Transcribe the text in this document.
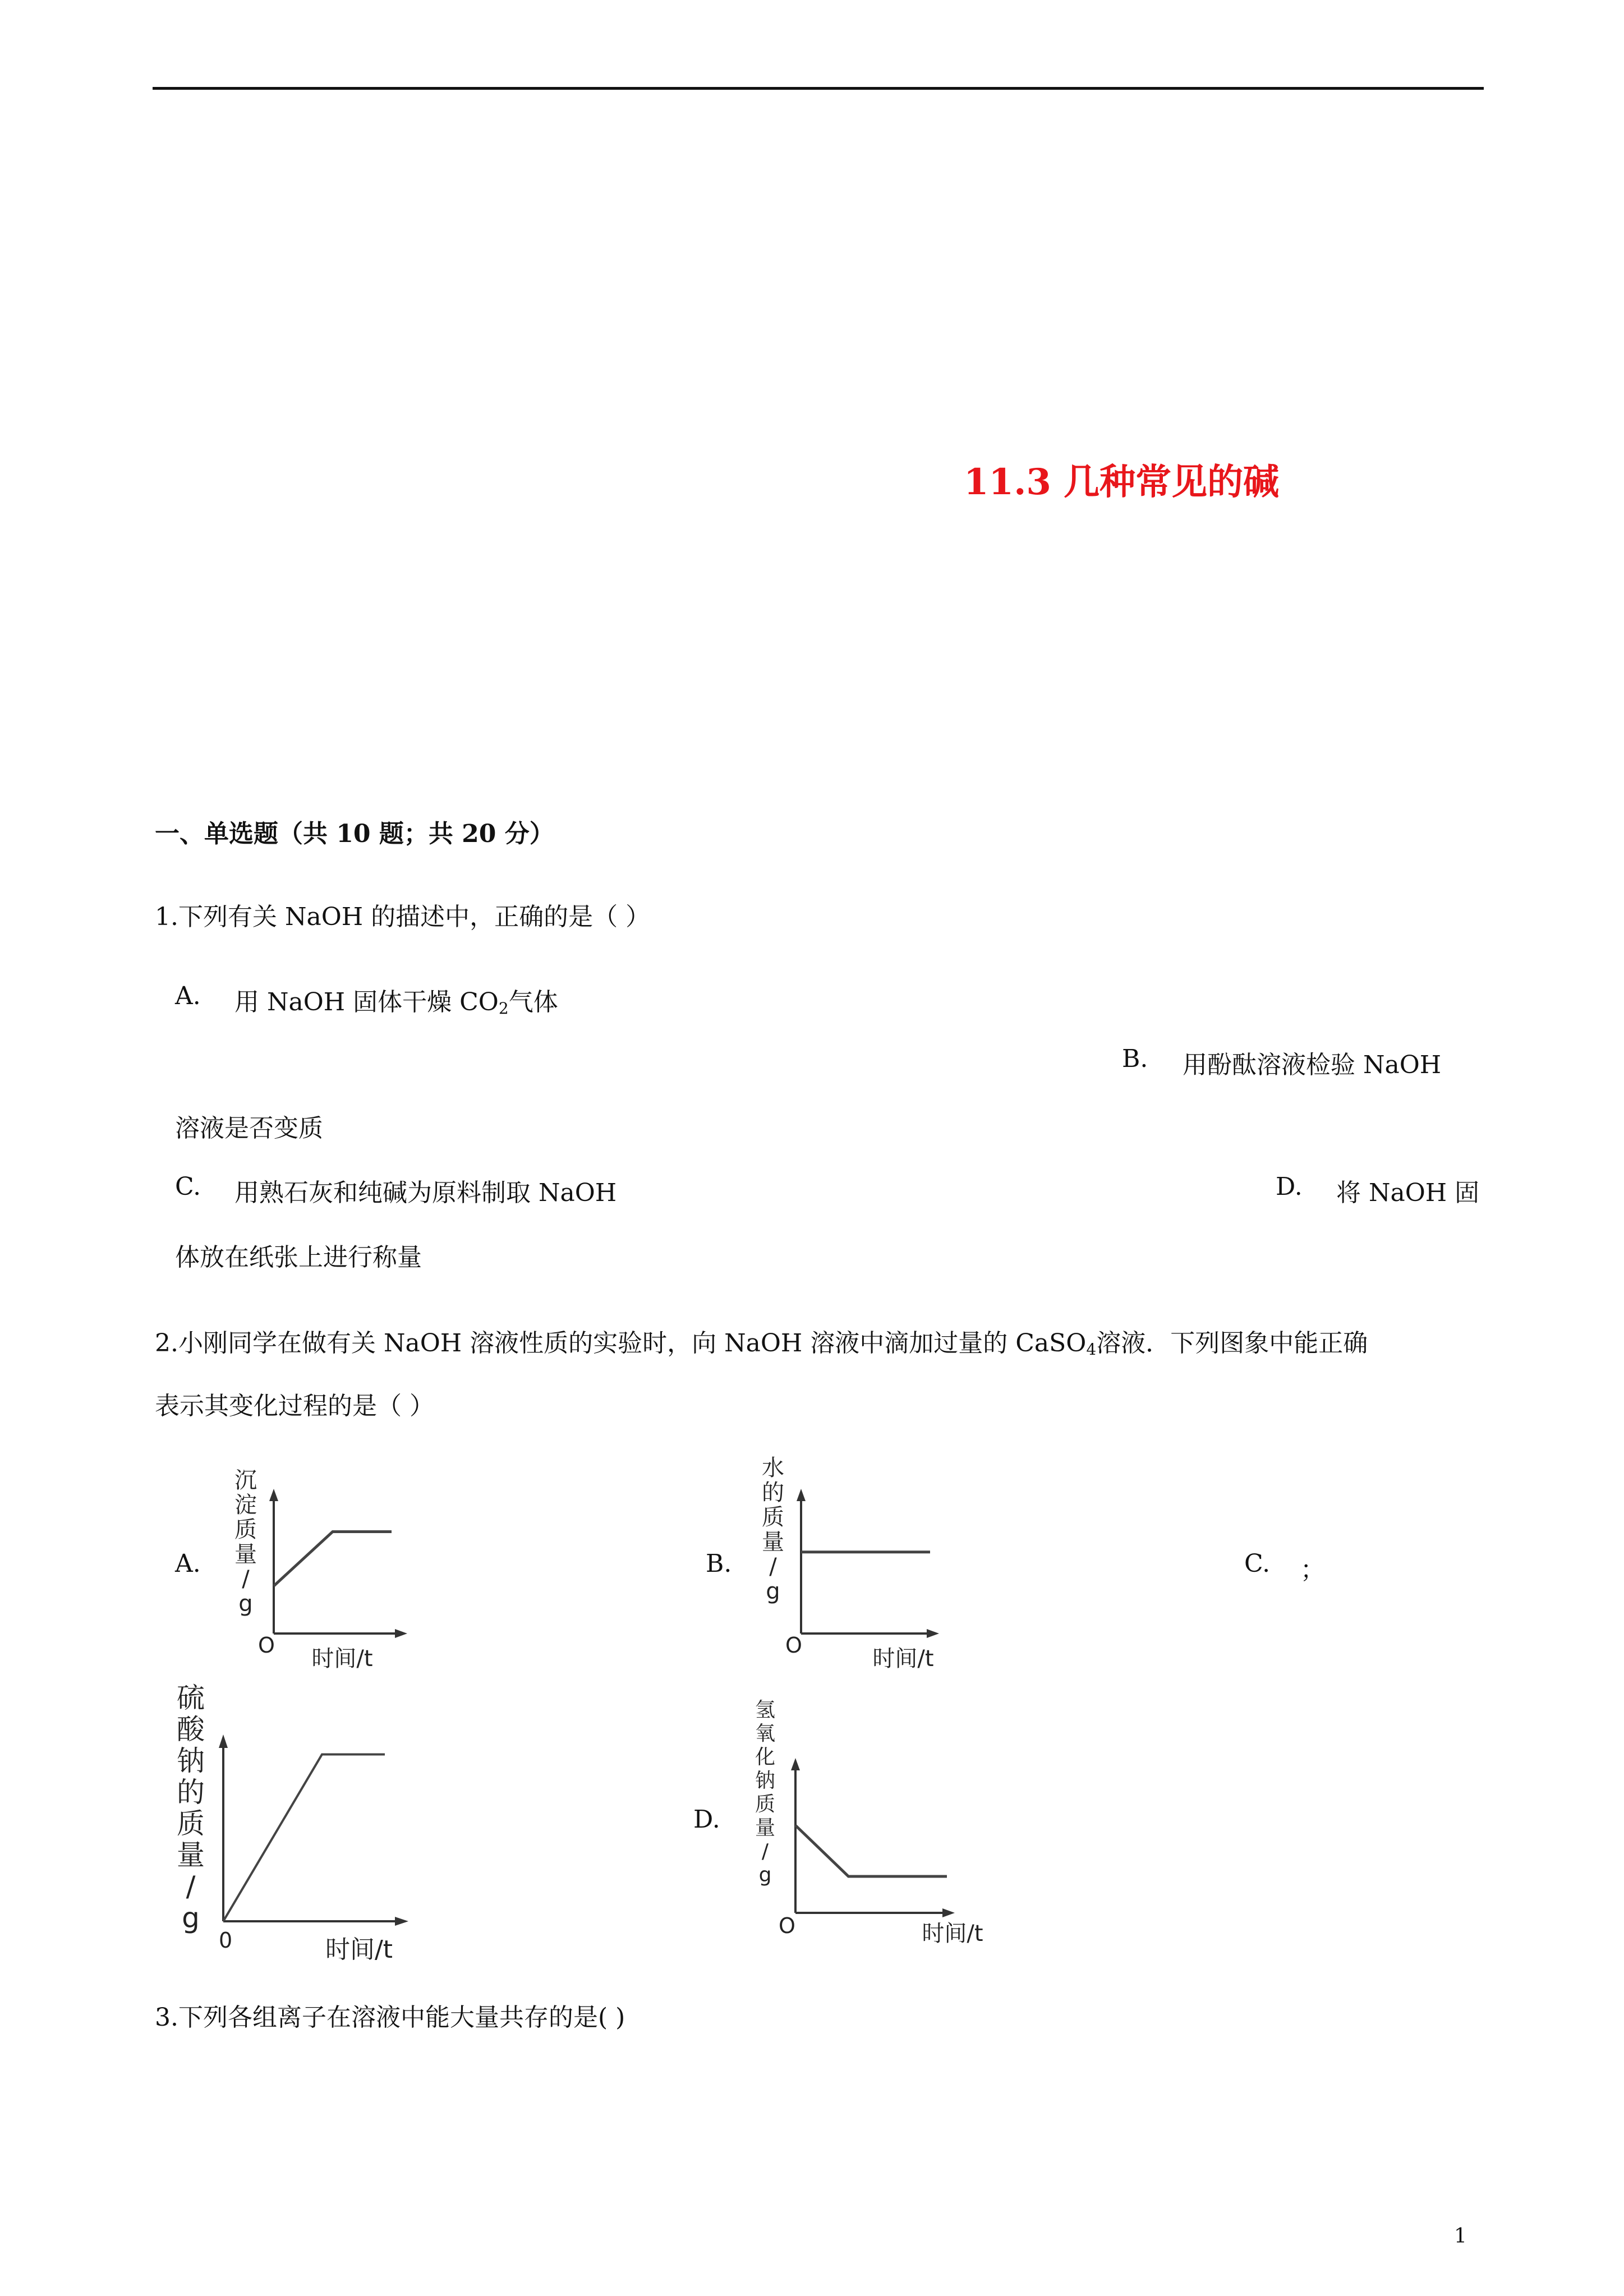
11.3 几种常见的碱
一、单选题（共 10 题；共 20 分）
1.下列有关 NaOH 的描述中，正确的是（ ）
A. 用 NaOH 固体干燥 $CO_2$气体
B. 用酚酞溶液检验 NaOH
溶液是否变质
C. 用熟石灰和纯碱为原料制取 NaOH	D. 将 NaOH 固
体放在纸张上进行称量
2.小刚同学在做有关 NaOH 溶液性质的实验时，向 NaOH 溶液中滴加过量的 CaSO$_4$溶液．下列图象中能正确
表示其变化过程的是（ ）
A.	B.	C. ；
D.
沉
淀
质
量
/
g
O
时间/t
水
的
质
量
/
g
O
时间/t
硫
酸
钠
的
质
量
/
g
0	时间/t
氢
氧
化
钠
质
量
/
g
O	时间/t
3.下列各组离子在溶液中能大量共存的是( )
1
